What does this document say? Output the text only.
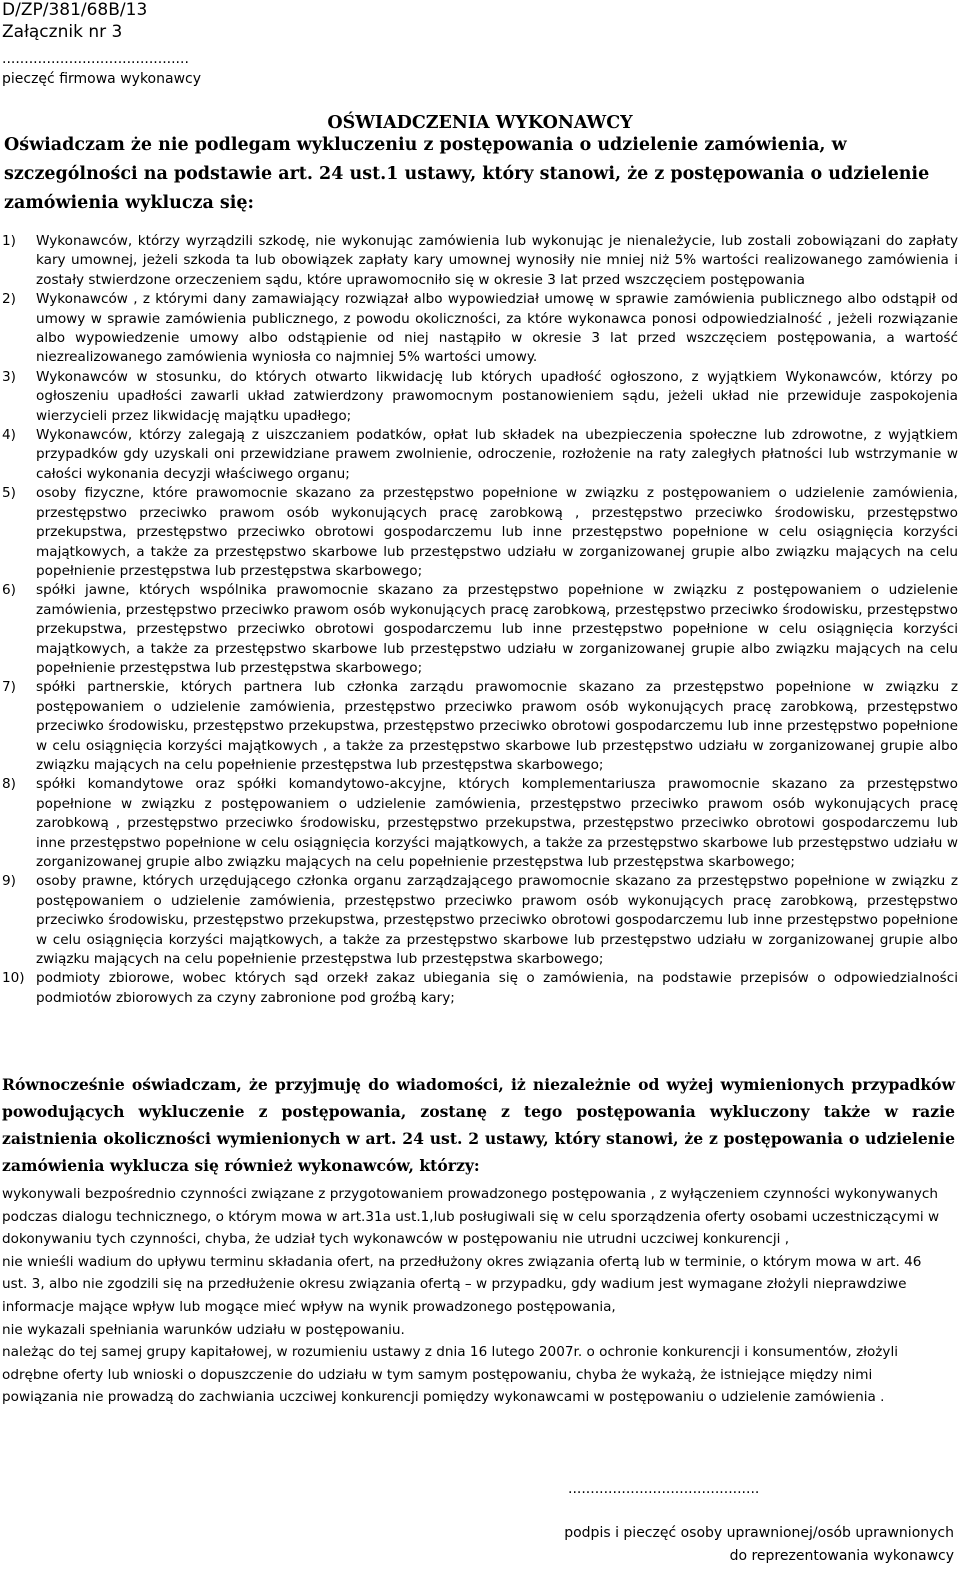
D/ZP/381/68B/13
Załącznik nr 3
..........................................
pieczęć firmowa wykonawcy
OŚWIADCZENIA WYKONAWCY
Oświadczam że nie podlegam wykluczeniu z postępowania o udzielenie zamówienia, w szczególności na podstawie art. 24 ust.1 ustawy, który stanowi, że z postępowania o udzielenie zamówienia wyklucza się:
1) Wykonawców, którzy wyrządzili szkodę, nie wykonując zamówienia lub wykonując je nienależycie, lub zostali zobowiązani do zapłaty kary umownej, jeżeli szkoda ta lub obowiązek zapłaty kary umownej wynosiły nie mniej niż 5% wartości realizowanego zamówienia i zostały stwierdzone orzeczeniem sądu, które uprawomocniło się w okresie 3 lat przed wszczęciem postępowania
2) Wykonawców , z którymi dany zamawiający rozwiązał albo wypowiedział umowę w sprawie zamówienia publicznego albo odstąpił od umowy w sprawie zamówienia publicznego, z powodu okoliczności, za które wykonawca ponosi odpowiedzialność , jeżeli rozwiązanie albo wypowiedzenie umowy albo odstąpienie od niej nastąpiło w okresie 3 lat przed wszczęciem postępowania, a wartość niezrealizowanego zamówienia wyniosła co najmniej 5% wartości umowy.
3) Wykonawców w stosunku, do których otwarto likwidację lub których upadłość ogłoszono, z wyjątkiem Wykonawców, którzy po ogłoszeniu upadłości zawarli układ zatwierdzony prawomocnym postanowieniem sądu, jeżeli układ nie przewiduje zaspokojenia wierzycieli przez likwidację majątku upadłego;
4) Wykonawców, którzy zalegają z uiszczaniem podatków, opłat lub składek na ubezpieczenia społeczne lub zdrowotne, z wyjątkiem przypadków gdy uzyskali oni przewidziane prawem zwolnienie, odroczenie, rozłożenie na raty zaległych płatności lub wstrzymanie w całości wykonania decyzji właściwego organu;
5) osoby fizyczne, które prawomocnie skazano za przestępstwo popełnione w związku z postępowaniem o udzielenie zamówienia, przestępstwo przeciwko prawom osób wykonujących pracę zarobkową , przestępstwo przeciwko środowisku, przestępstwo przekupstwa, przestępstwo przeciwko obrotowi gospodarczemu lub inne przestępstwo popełnione w celu osiągnięcia korzyści majątkowych, a także za przestępstwo skarbowe lub przestępstwo udziału w zorganizowanej grupie albo związku mających na celu popełnienie przestępstwa lub przestępstwa skarbowego;
6) spółki jawne, których wspólnika prawomocnie skazano za przestępstwo popełnione w związku z postępowaniem o udzielenie zamówienia, przestępstwo przeciwko prawom osób wykonujących pracę zarobkową, przestępstwo przeciwko środowisku, przestępstwo przekupstwa, przestępstwo przeciwko obrotowi gospodarczemu lub inne przestępstwo popełnione w celu osiągnięcia korzyści majątkowych, a także za przestępstwo skarbowe lub przestępstwo udziału w zorganizowanej grupie albo związku mających na celu popełnienie przestępstwa lub przestępstwa skarbowego;
7) spółki partnerskie, których partnera lub członka zarządu prawomocnie skazano za przestępstwo popełnione w związku z postępowaniem o udzielenie zamówienia, przestępstwo przeciwko prawom osób wykonujących pracę zarobkową, przestępstwo przeciwko środowisku, przestępstwo przekupstwa, przestępstwo przeciwko obrotowi gospodarczemu lub inne przestępstwo popełnione w celu osiągnięcia korzyści majątkowych , a także za przestępstwo skarbowe lub przestępstwo udziału w zorganizowanej grupie albo związku mających na celu popełnienie przestępstwa lub przestępstwa skarbowego;
8) spółki komandytowe oraz spółki komandytowo-akcyjne, których komplementariusza prawomocnie skazano za przestępstwo popełnione w związku z postępowaniem o udzielenie zamówienia, przestępstwo przeciwko prawom osób wykonujących pracę zarobkową , przestępstwo przeciwko środowisku, przestępstwo przekupstwa, przestępstwo przeciwko obrotowi gospodarczemu lub inne przestępstwo popełnione w celu osiągnięcia korzyści majątkowych, a także za przestępstwo skarbowe lub przestępstwo udziału w zorganizowanej grupie albo związku mających na celu popełnienie przestępstwa lub przestępstwa skarbowego;
9) osoby prawne, których urzędującego członka organu zarządzającego prawomocnie skazano za przestępstwo popełnione w związku z postępowaniem o udzielenie zamówienia, przestępstwo przeciwko prawom osób wykonujących pracę zarobkową, przestępstwo przeciwko środowisku, przestępstwo przekupstwa, przestępstwo przeciwko obrotowi gospodarczemu lub inne przestępstwo popełnione w celu osiągnięcia korzyści majątkowych, a także za przestępstwo skarbowe lub przestępstwo udziału w zorganizowanej grupie albo związku mających na celu popełnienie przestępstwa lub przestępstwa skarbowego;
10) podmioty zbiorowe, wobec których sąd orzekł zakaz ubiegania się o zamówienia, na podstawie przepisów o odpowiedzialności podmiotów zbiorowych za czyny zabronione pod groźbą kary;
Równocześnie oświadczam, że przyjmuję do wiadomości, iż niezależnie od wyżej wymienionych przypadków powodujących wykluczenie z postępowania, zostanę z tego postępowania wykluczony także w razie zaistnienia okoliczności wymienionych w art. 24 ust. 2 ustawy, który stanowi, że z postępowania o udzielenie zamówienia wyklucza się również wykonawców, którzy:
wykonywali bezpośrednio czynności związane z przygotowaniem prowadzonego postępowania , z wyłączeniem czynności wykonywanych podczas dialogu technicznego, o którym mowa w art.31a ust.1,lub posługiwali się w celu sporządzenia oferty osobami uczestniczącymi w dokonywaniu tych czynności, chyba, że udział tych wykonawców w postępowaniu nie utrudni uczciwej konkurencji ,
nie wnieśli wadium do upływu terminu składania ofert, na przedłużony okres związania ofertą lub w terminie, o którym mowa w art. 46 ust. 3, albo nie zgodzili się na przedłużenie okresu związania ofertą – w przypadku, gdy wadium jest wymagane złożyli nieprawdziwe informacje mające wpływ lub mogące mieć wpływ na wynik prowadzonego postępowania,
nie wykazali spełniania warunków udziału w postępowaniu.
należąc do tej samej grupy kapitałowej, w rozumieniu ustawy z dnia 16 lutego 2007r. o ochronie konkurencji i konsumentów, złożyli odrębne oferty lub wnioski o dopuszczenie do udziału w tym samym postępowaniu, chyba że wykażą, że istniejące między nimi powiązania nie prowadzą do zachwiania uczciwej konkurencji pomiędzy wykonawcami w postępowaniu o udzielenie zamówienia .
...........................................
podpis i pieczęć osoby uprawnionej/osób uprawnionych
do reprezentowania wykonawcy
